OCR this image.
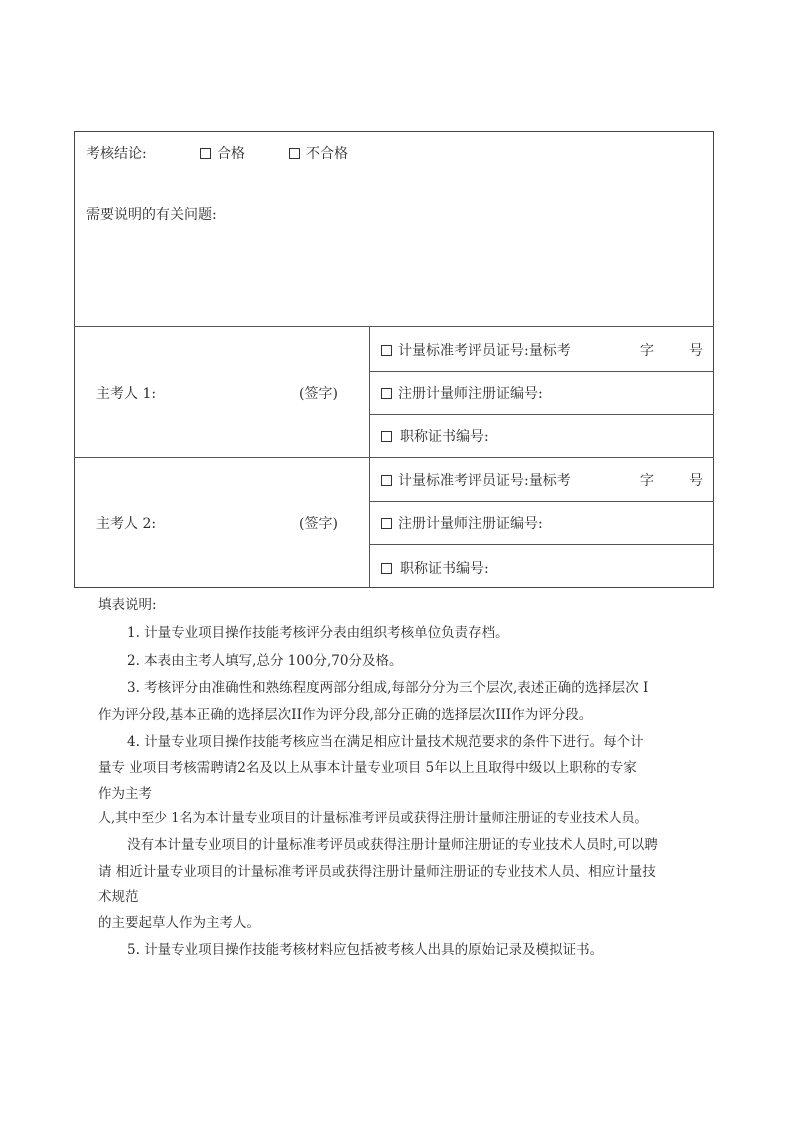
考核结论:	合格	不合格
需要说明的有关问题:
主考人 1:	(签字)
计量标准考评员证号:量标考	字	号
注册计量师注册证编号:
职称证书编号:
主考人 2:	(签字)
计量标准考评员证号:量标考	字	号
注册计量师注册证编号:
职称证书编号:
填表说明:
1. 计量专业项目操作技能考核评分表由组织考核单位负责存档。
2. 本表由主考人填写,总分 100分,70分及格。
3. 考核评分由准确性和熟练程度两部分组成,每部分分为三个层次,表述正确的选择层次 I
作为评分段,基本正确的选择层次II作为评分段,部分正确的选择层次III作为评分段。
4. 计量专业项目操作技能考核应当在满足相应计量技术规范要求的条件下进行。每个计
量专 业项目考核需聘请2名及以上从事本计量专业项目 5年以上且取得中级以上职称的专家
作为主考
人,其中至少 1名为本计量专业项目的计量标准考评员或获得注册计量师注册证的专业技术人员。
没有本计量专业项目的计量标准考评员或获得注册计量师注册证的专业技术人员时,可以聘
请 相近计量专业项目的计量标准考评员或获得注册计量师注册证的专业技术人员、相应计量技
术规范
的主要起草人作为主考人。
5. 计量专业项目操作技能考核材料应包括被考核人出具的原始记录及模拟证书。
